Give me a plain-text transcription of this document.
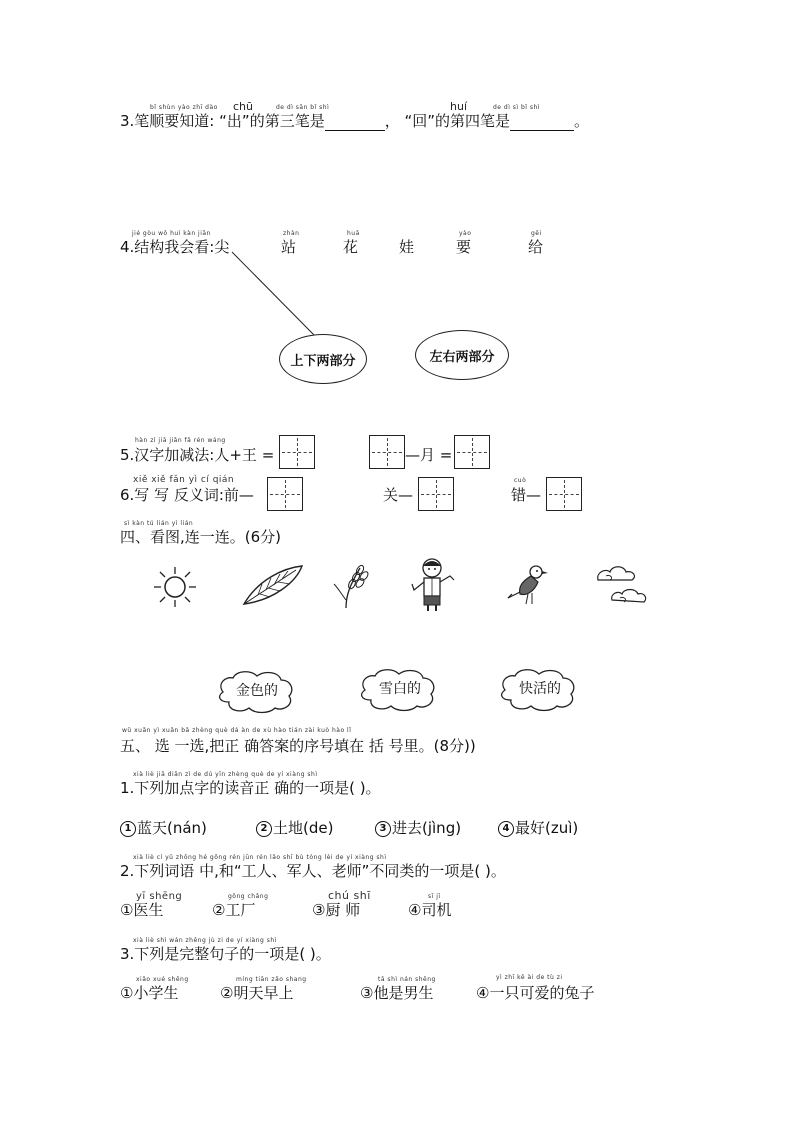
bǐ shùn yào zhī dào chū	de dì sān bǐ shì	huí	de dì sì bǐ shì
3.笔顺要知道: “出”的第三笔是	， “回”的第四笔是	。
jié gòu wǒ huì kàn jiān
4.结构我会看:尖
zhàn
站
huā
花	娃
yào
要
gěi
给
上下两部分	左右两部分
hàn zì jiā jiǎn fǎ rén wáng
5.汉字加减法:人+王 =	—月 =
xiě xiě fǎn yì cí qián
6.写 写 反义词:前—	关—
cuò
错—
sì kàn tú lián yì lián
四、看图,连一连。(6分)
金色的	雪白的	快活的
wǔ xuǎn yì xuǎn bǎ zhèng què dá àn de xù hào tián zài kuò hào lǐ
五、 选 一选,把正 确答案的序号填在 括 号里。(8分))
xià liè jiā diǎn zì de dú yīn zhèng què de yí xiàng shì
1.下列加点字的读音正 确的一项是( )。
1 蓝天(nán)	2 土地(de)	3 进去(jìng)	4 最好(zuì)
xià liè cí yǔ zhōng hé gōng rén jūn rén lǎo shī bù tóng lèi de yí xiàng shì
2.下列词语 中,和“工人、军人、老师”不同类的一项是( )。
yī shēng
①医生
gōng chǎng
②工厂
chú shī
③厨 师
sī jī
④司机
xià liè shì wán zhěng jù zi de yí xiàng shì
3.下列是完整句子的一项是( )。
xiǎo xué shēng
①小学生
míng tiān zǎo shang
②明天早上
tā shì nán shēng
③他是男生
yì zhī kě ài de tù zi
④一只可爱的兔子
